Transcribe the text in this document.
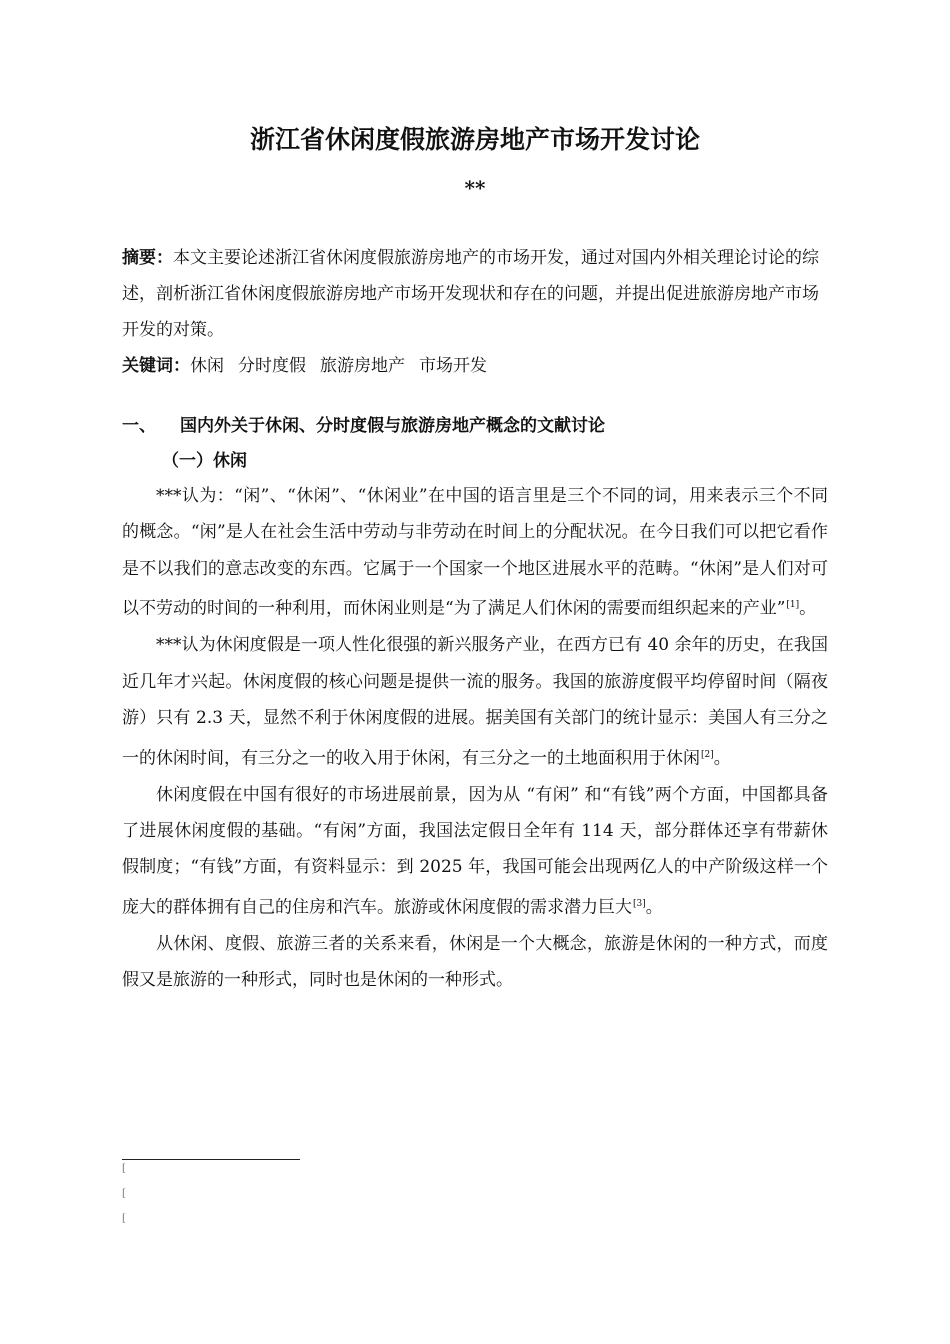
浙江省休闲度假旅游房地产市场开发讨论
**
摘要：本文主要论述浙江省休闲度假旅游房地产的市场开发，通过对国内外相关理论讨论的综述，剖析浙江省休闲度假旅游房地产市场开发现状和存在的问题，并提出促进旅游房地产市场开发的对策。
关键词：休闲 分时度假 旅游房地产 市场开发
一、 国内外关于休闲、分时度假与旅游房地产概念的文献讨论
（一）休闲

***认为：“闲”、“休闲”、“休闲业”在中国的语言里是三个不同的词，用来表示三个不同的概念。“闲”是人在社会生活中劳动与非劳动在时间上的分配状况。在今日我们可以把它看作是不以我们的意志改变的东西。它属于一个国家一个地区进展水平的范畴。“休闲”是人们对可以不劳动的时间的一种利用，而休闲业则是“为了满足人们休闲的需要而组织起来的产业”[1]。

***认为休闲度假是一项人性化很强的新兴服务产业，在西方已有 40 余年的历史，在我国近几年才兴起。休闲度假的核心问题是提供一流的服务。我国的旅游度假平均停留时间（隔夜游）只有 2.3 天，显然不利于休闲度假的进展。据美国有关部门的统计显示：美国人有三分之一的休闲时间，有三分之一的收入用于休闲，有三分之一的土地面积用于休闲[2]。

休闲度假在中国有很好的市场进展前景，因为从 “有闲” 和“有钱”两个方面，中国都具备了进展休闲度假的基础。“有闲”方面，我国法定假日全年有 114 天，部分群体还享有带薪休假制度；“有钱”方面，有资料显示：到 2025 年，我国可能会出现两亿人的中产阶级这样一个庞大的群体拥有自己的住房和汽车。旅游或休闲度假的需求潜力巨大[3]。

从休闲、度假、旅游三者的关系来看，休闲是一个大概念，旅游是休闲的一种方式，而度假又是旅游的一种形式，同时也是休闲的一种形式。

[
[
[
